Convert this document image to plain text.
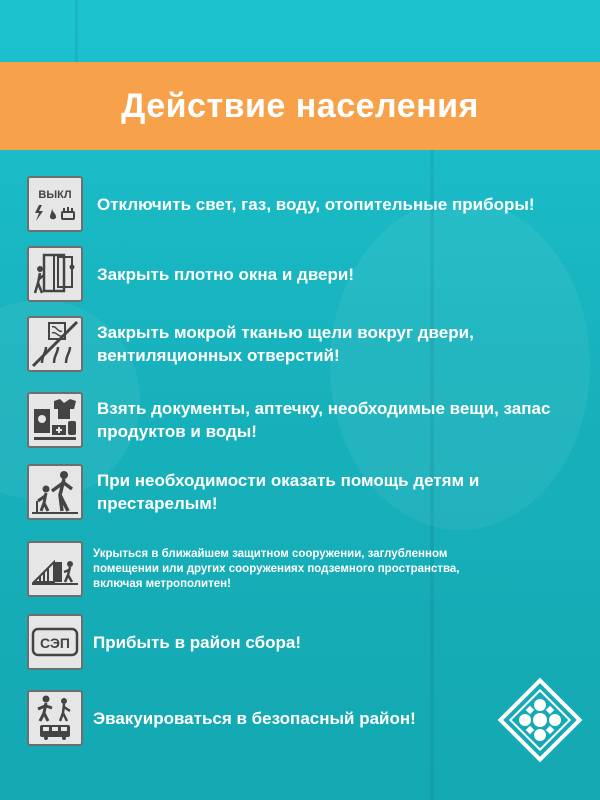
Действие населения
ВЫКЛ Отключить свет, газ, воду, отопительные приборы!
Закрыть плотно окна и двери!
Закрыть мокрой тканью щели вокруг двери, вентиляционных отверстий!
Взять документы, аптечку, необходимые вещи, запас продуктов и воды!
При необходимости оказать помощь детям и престарелым!
Укрыться в ближайшем защитном сооружении, заглубленном помещении или других сооружениях подземного пространства, включая метрополитен!
СЭП Прибыть в район сбора!
Эвакуироваться в безопасный район!
